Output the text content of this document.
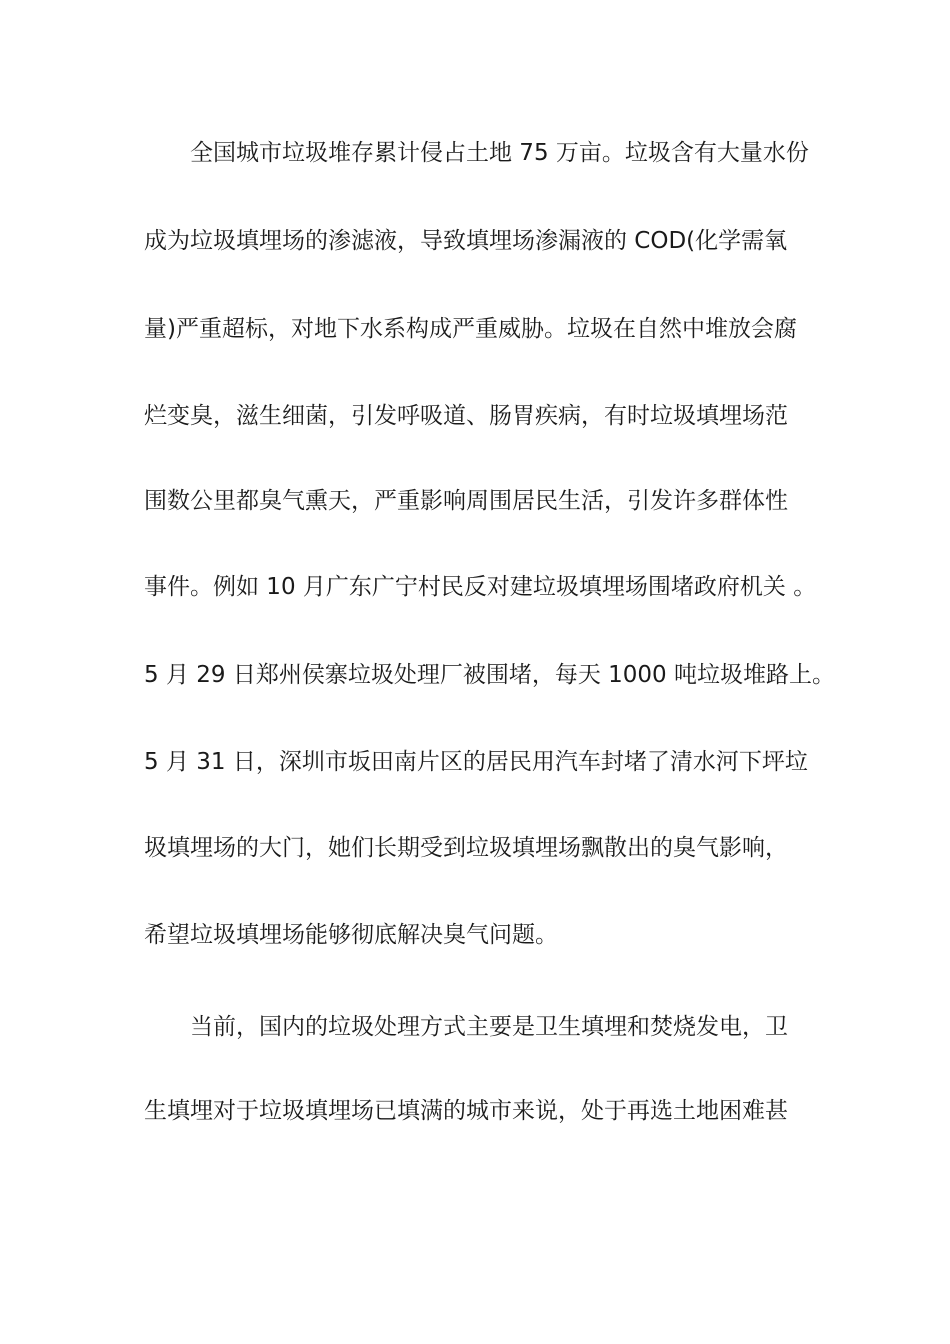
全国城市垃圾堆存累计侵占土地 75 万亩。垃圾含有大量水份
成为垃圾填埋场的渗滤液，导致填埋场渗漏液的 COD(化学需氧
量)严重超标，对地下水系构成严重威胁。垃圾在自然中堆放会腐
烂变臭，滋生细菌，引发呼吸道、肠胃疾病，有时垃圾填埋场范
围数公里都臭气熏天，严重影响周围居民生活，引发许多群体性
事件。例如 10 月广东广宁村民反对建垃圾填埋场围堵政府机关 。
5 月 29 日郑州侯寨垃圾处理厂被围堵，每天 1000 吨垃圾堆路上。
5 月 31 日，深圳市坂田南片区的居民用汽车封堵了清水河下坪垃
圾填埋场的大门，她们长期受到垃圾填埋场飘散出的臭气影响，
希望垃圾填埋场能够彻底解决臭气问题。
当前，国内的垃圾处理方式主要是卫生填埋和焚烧发电，卫
生填埋对于垃圾填埋场已填满的城市来说，处于再选土地困难甚
